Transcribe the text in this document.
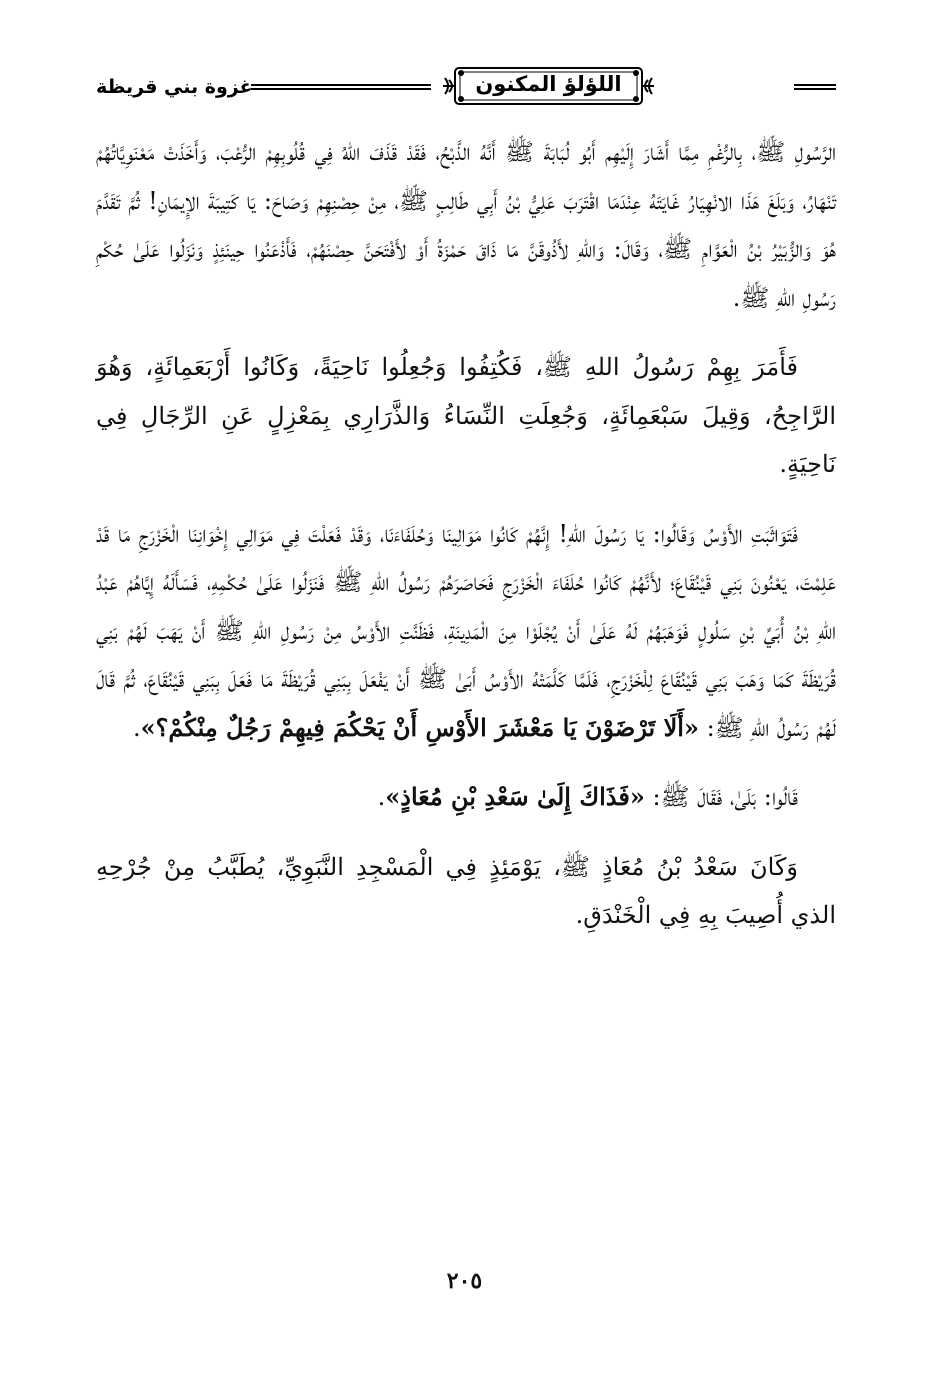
اللؤلؤ المكنون
غزوة بني قريظة

الرَّسُولِ ﷺ، بِالرُّغْمِ مِمَّا أَشَارَ إِلَيْهِم أَبُو لُبَابَةَ ﷺ أَنَّهُ الذَّبْحُ، فَقَدْ قَذَفَ اللهُ فِي قُلُوبِهِمْ الرُّعْبَ، وَأَخَذَتْ مَعْنَوِيَّاتُهُمْ تَنْهَارُ، وَبَلَغَ هَذَا الانْهِيَارُ غَايَتَهُ عِنْدَمَا اقْتَرَبَ عَلِيُّ بْنُ أَبِي طَالِبٍ ﷺ، مِنْ حِصْنِهِمْ وَصَاحَ: يَا كَتِيبَةَ الإِيمَانِ! ثُمَّ تَقَدَّمَ هُوَ وَالزُّبَيْرُ بْنُ الْعَوَّامِ ﷺ، وَقَالَ: وَاللهِ لأَذُوقَنَّ مَا ذَاقَ حَمْزَةُ أَوْ لأَفْتَحَنَّ حِصْنَهُمْ، فَأَذْعَنُوا حِينَئِذٍ وَنَزَلُوا عَلَىٰ حُكْمِ رَسُولِ اللهِ ﷺ.

فَأَمَرَ بِهِمْ رَسُولُ اللهِ ﷺ، فَكُتِفُوا وَجُعِلُوا نَاحِيَةً، وَكَانُوا أَرْبَعَمِائَةٍ، وَهُوَ الرَّاجِحُ، وَقِيلَ سَبْعَمِائَةٍ، وَجُعِلَتِ النِّسَاءُ وَالذَّرَارِي بِمَعْزِلٍ عَنِ الرِّجَالِ فِي نَاحِيَةٍ.

فَتَوَاثَبَتِ الأَوْسُ وَقَالُوا: يَا رَسُولَ اللهِ! إِنَّهُمْ كَانُوا مَوَالِينَا وَحُلَفَاءَنَا، وَقَدْ فَعَلْتَ فِي مَوَالِي إِخْوَانِنَا الْخَزْرَجِ مَا قَدْ عَلِمْتَ، يَعْنُونَ بَنِي قَيْنُقَاعَ؛ لأَنَّهُمْ كَانُوا حُلَفَاءَ الْخَزْرَجِ فَحَاصَرَهُمْ رَسُولُ اللهِ ﷺ فَنَزَلُوا عَلَىٰ حُكْمِهِ، فَسَأَلَهُ إِيَّاهُمْ عَبْدُ اللهِ بْنُ أُبَيِّ بْنِ سَلُولٍ فَوَهَبَهُمْ لَهُ عَلَىٰ أَنْ يُجْلَوْا مِنَ الْمَدِينَةِ، فَظَنَّتِ الأَوْسُ مِنْ رَسُولِ اللهِ ﷺ أَنْ يَهَبَ لَهُمْ بَنِي قُرَيْظَةَ كَمَا وَهَبَ بَنِي قَيْنُقَاعَ لِلْخَزْرَجِ، فَلَمَّا كَلَّمَتْهُ الأَوْسُ أَبَىٰ ﷺ أَنْ يَفْعَلَ بِبَنِي قُرَيْظَةَ مَا فَعَلَ بِبَنِي قَيْنُقَاعَ، ثُمَّ قَالَ لَهُمْ رَسُولُ اللهِ ﷺ: «أَلَا تَرْضَوْنَ يَا مَعْشَرَ الأَوْسِ أَنْ يَحْكُمَ فِيهِمْ رَجُلٌ مِنْكُمْ؟».

قَالُوا: بَلَىٰ، فَقَالَ ﷺ: «فَذَاكَ إِلَىٰ سَعْدِ بْنِ مُعَاذٍ».

وَكَانَ سَعْدُ بْنُ مُعَاذٍ ﷺ، يَوْمَئِذٍ فِي الْمَسْجِدِ النَّبَوِيِّ، يُطَبَّبُ مِنْ جُرْحِهِ الذي أُصِيبَ بِهِ فِي الْخَنْدَقِ.

٢٠٥
